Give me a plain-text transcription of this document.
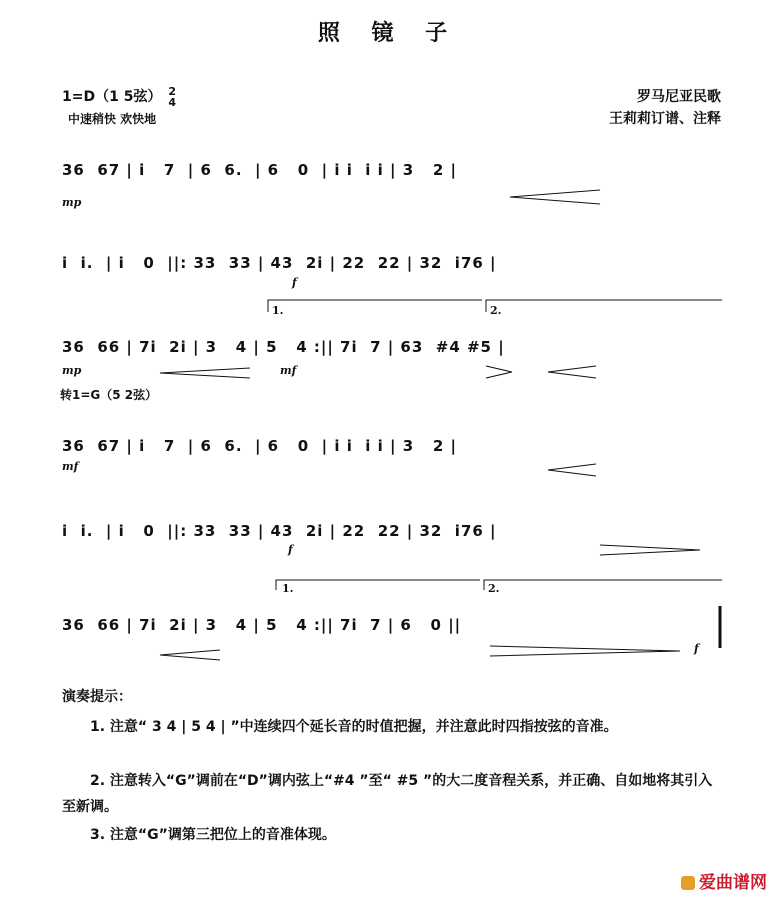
照 镜 子
1=D（1 5弦） 2
4
中速稍快 欢快地
罗马尼亚民歌
王莉莉订谱、注释
转1=G（5 2弦）
36  67 | i   7  | 6  6.  | 6   0  | i i  i i | 3   2 |
mp
i  i.  | i   0  ||: 33  33 | 43  2i | 22  22 | 32  i76 |
f
36  66 | 7i  2i | 3   4 | 5   4 :|| 7i  7 | 63  #4 #5 |
mp	mf
36  67 | i   7  | 6  6.  | 6   0  | i i  i i | 3   2 |
mf
i  i.  | i   0  ||: 33  33 | 43  2i | 22  22 | 32  i76 |
f
36  66 | 7i  2i | 3   4 | 5   4 :|| 7i  7 | 6   0 ||
f
1.	2.
1.	2.
演奏提示：
1. 注意“ 3 4 | 5 4 | ”中连续四个延长音的时值把握，并注意此时四指按弦的音准。
2. 注意转入“G”调前在“D”调内弦上“#4 ”至“ #5 ”的大二度音程关系，并正确、自如地将其引入至新调。
3. 注意“G”调第三把位上的音准体现。
爱曲谱网
